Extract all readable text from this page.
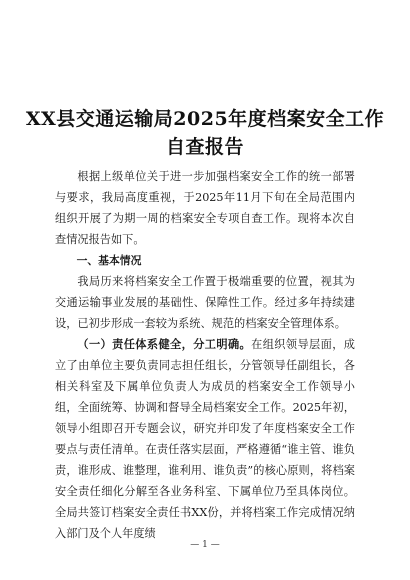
XX县交通运输局2025年度档案安全工作
自查报告

根据上级单位关于进一步加强档案安全工作的统一部署与要求，我局高度重视，于2025年11月下旬在全局范围内组织开展了为期一周的档案安全专项自查工作。现将本次自查情况报告如下。

一、基本情况

我局历来将档案安全工作置于极端重要的位置，视其为交通运输事业发展的基础性、保障性工作。经过多年持续建设，已初步形成一套较为系统、规范的档案安全管理体系。

（一）责任体系健全，分工明确。在组织领导层面，成立了由单位主要负责同志担任组长，分管领导任副组长，各相关科室及下属单位负责人为成员的档案安全工作领导小组，全面统筹、协调和督导全局档案安全工作。2025年初，领导小组即召开专题会议，研究并印发了年度档案安全工作要点与责任清单。在责任落实层面，严格遵循“谁主管、谁负责，谁形成、谁整理，谁利用、谁负责”的核心原则，将档案安全责任细化分解至各业务科室、下属单位乃至具体岗位。全局共签订档案安全责任书XX份，并将档案工作完成情况纳入部门及个人年度绩

— 1 —
